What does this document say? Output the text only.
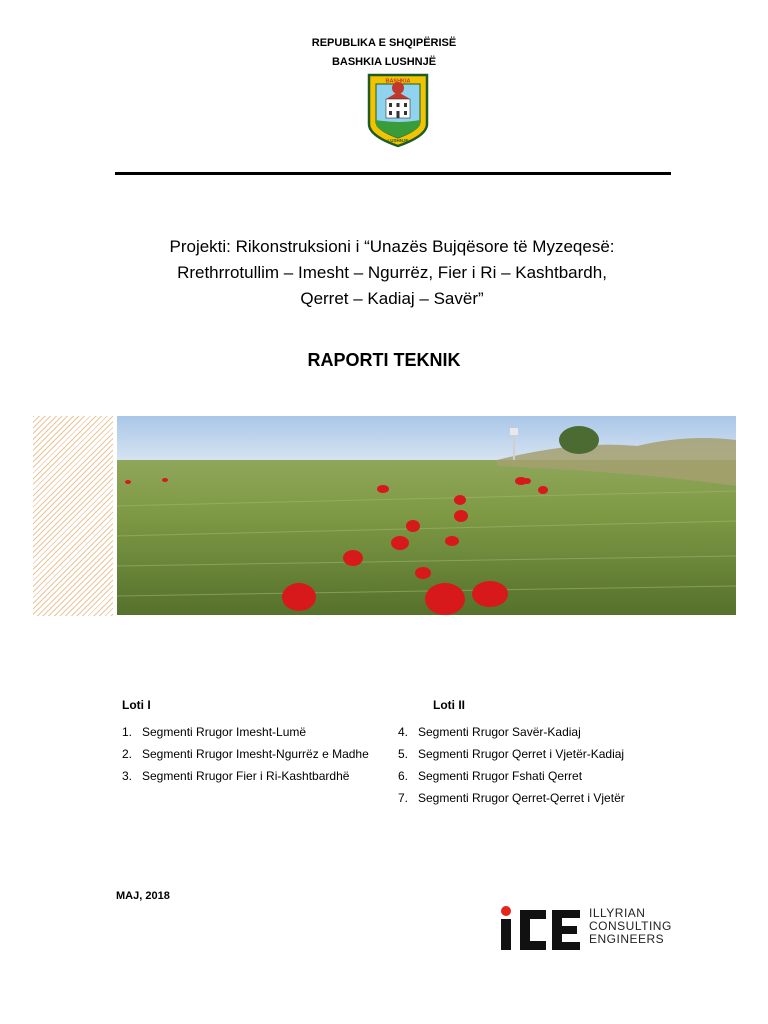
REPUBLIKA E SHQIPËRISË
BASHKIA LUSHNJË
BASHKIA
LUSHNJE
Projekti: Rikonstruksioni i “Unazës Bujqësore të Myzeqesë:
Rrethrrotullim – Imesht – Ngurrëz, Fier i Ri – Kashtbardh,
Qerret – Kadiaj – Savër”
RAPORTI TEKNIK
Loti I
1. Segmenti Rrugor Imesht-Lumë
2. Segmenti Rrugor Imesht-Ngurrëz e Madhe
3. Segmenti Rrugor Fier i Ri-Kashtbardhë
Loti II
4. Segmenti Rrugor Savër-Kadiaj
5. Segmenti Rrugor Qerret i Vjetër-Kadiaj
6. Segmenti Rrugor Fshati Qerret
7. Segmenti Rrugor Qerret-Qerret i Vjetër
MAJ, 2018
iCE
ILLYRIAN
CONSULTING
ENGINEERS
